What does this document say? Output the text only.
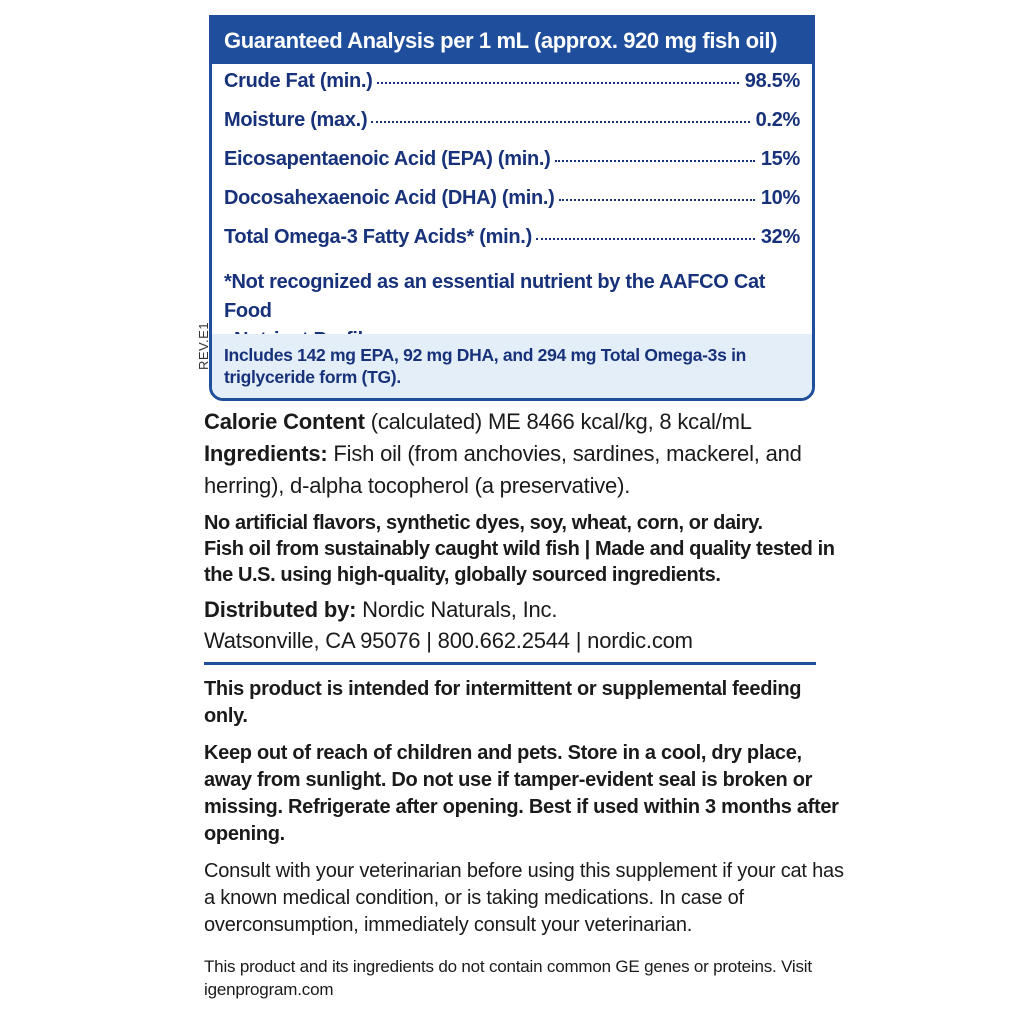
Guaranteed Analysis per 1 mL (approx. 920 mg fish oil)
Crude Fat (min.)	98.5%
Moisture (max.)	0.2%
Eicosapentaenoic Acid (EPA) (min.)	15%
Docosahexaenoic Acid (DHA) (min.)	10%
Total Omega-3 Fatty Acids* (min.)	32%
*Not recognized as an essential nutrient by the AAFCO Cat Food
Includes 142 mg EPA, 92 mg DHA, and 294 mg Total Omega-3s in triglyceride form (TG).
REV.E1
Calorie Content (calculated) ME 8466 kcal/kg, 8 kcal/mL
Ingredients: Fish oil (from anchovies, sardines, mackerel, and herring), d-alpha tocopherol (a preservative).
No artificial flavors, synthetic dyes, soy, wheat, corn, or dairy.
Fish oil from sustainably caught wild fish | Made and quality tested in the U.S. using high-quality, globally sourced ingredients.
Distributed by: Nordic Naturals, Inc.
Watsonville, CA 95076 | 800.662.2544 | nordic.com
This product is intended for intermittent or supplemental feeding only.
Keep out of reach of children and pets. Store in a cool, dry place, away from sunlight. Do not use if tamper-evident seal is broken or missing. Refrigerate after opening. Best if used within 3 months after opening.
Consult with your veterinarian before using this supplement if your cat has a known medical condition, or is taking medications. In case of overconsumption, immediately consult your veterinarian.
This product and its ingredients do not contain common GE genes or proteins. Visit igenprogram.com
